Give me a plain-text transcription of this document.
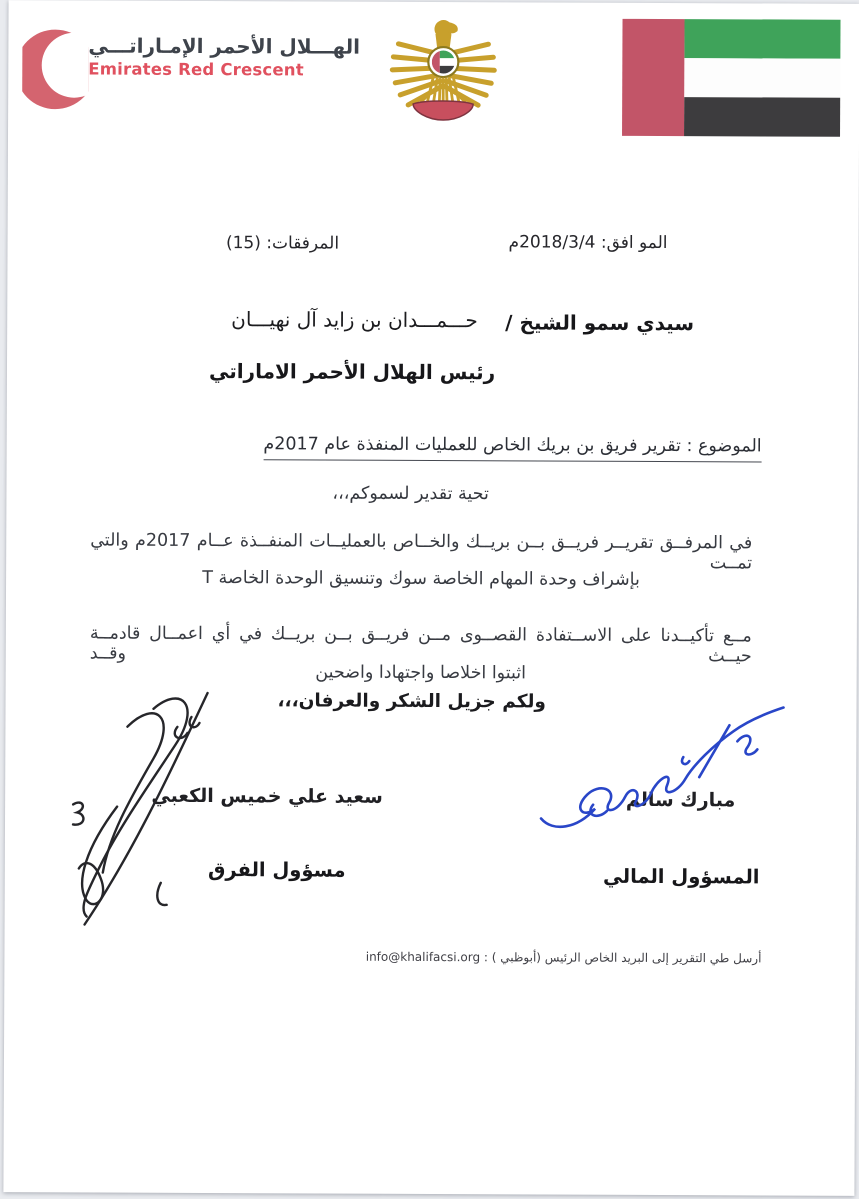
الهـــلال الأحمر الإمـاراتـــي
Emirates Red Crescent
المو افق: 2018/3/4م
المرفقات: (15)
سيدي سمو الشيخ /
حـــمـــدان بن زايد آل نهيـــان
رئيس الهلال الأحمر الاماراتي
الموضوع : تقرير فريق بن بريك الخاص للعمليات المنفذة عام 2017م
تحية تقدير لسموكم،،،
في المرفــق تقريــر فريــق بــن بريــك والخــاص بالعمليــات المنفــذة عــام 2017م والتي تمــت
بإشراف وحدة المهام الخاصة سوك وتنسيق الوحدة الخاصة T
مــع تأكيــدنا على الاســتفادة القصــوى مــن فريــق بــن بريــك في أي اعمــال قادمــة حيــث وقــد
اثبتوا اخلاصا واجتهادا واضحين
ولكم جزيل الشكر والعرفان،،،
مبارك سالم
المسؤول المالي
سعيد علي خميس الكعبي
مسؤول الفرق
أرسل طي التقرير إلى البريد الخاص الرئيس (أبوظبي ) : info@khalifacsi.org
